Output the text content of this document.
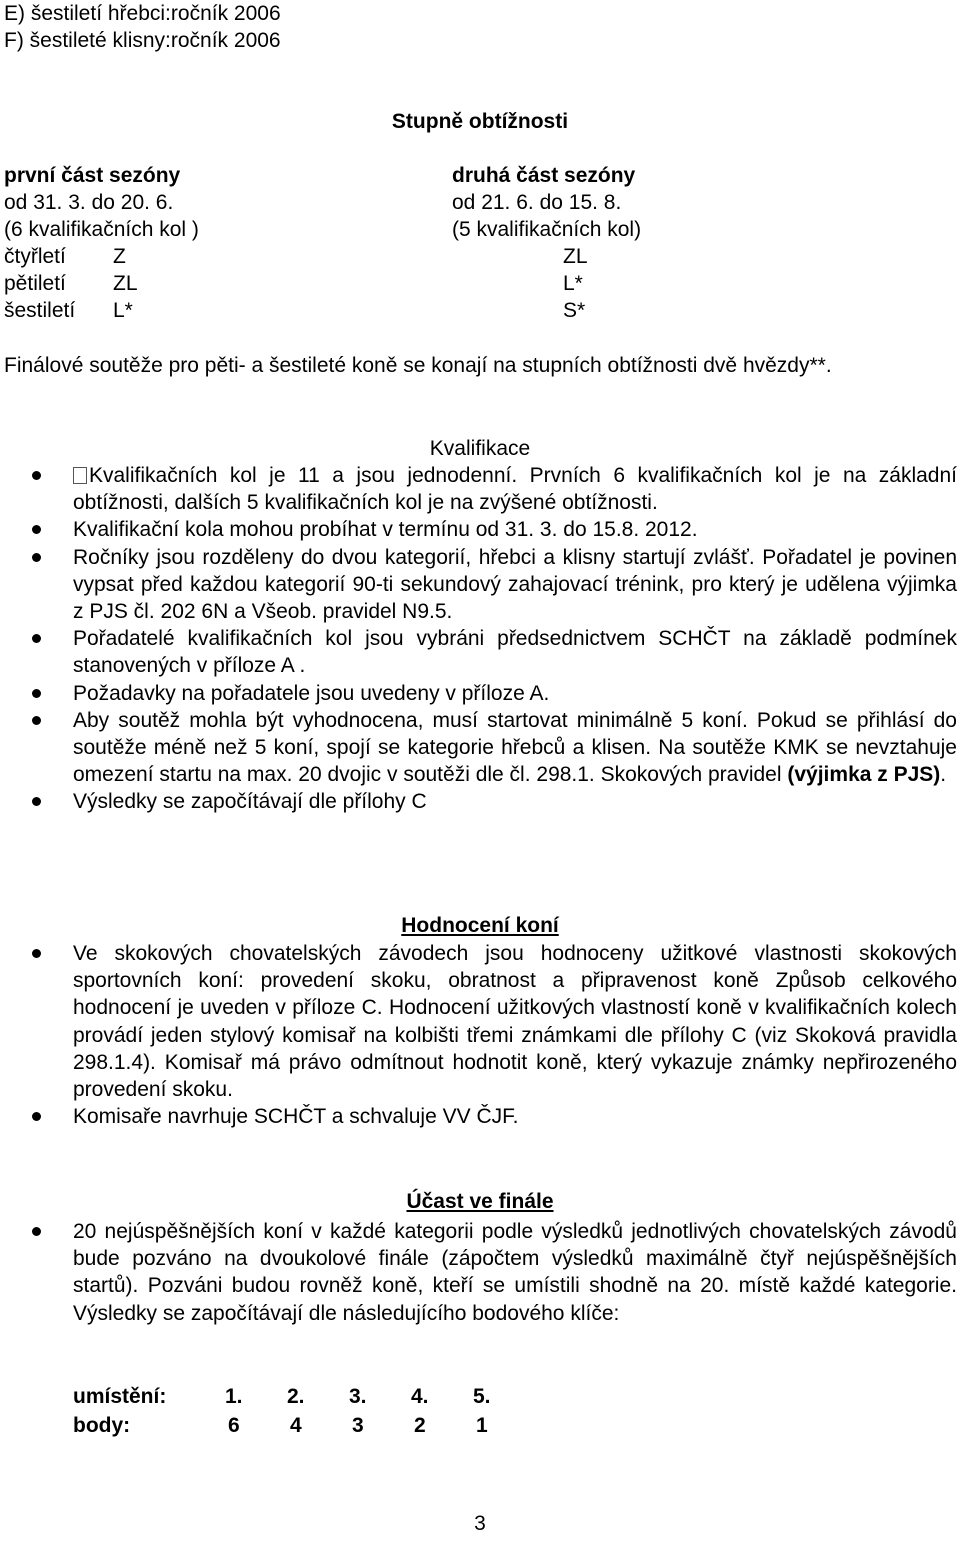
E) šestiletí hřebci:ročník 2006
F) šestileté klisny:ročník 2006
Stupně obtížnosti
první část sezóny	druhá část sezóny
od 31. 3. do 20. 6.	od 21. 6. do 15. 8.
(6 kvalifikačních kol )	(5 kvalifikačních kol)
čtyřletí Z	ZL
pětiletí ZL	L*
šestiletí L*	S*
Finálové soutěže pro pěti- a šestileté koně se konají na stupních obtížnosti dvě hvězdy**.
Kvalifikace
Kvalifikačních kol je 11 a jsou jednodenní. Prvních 6 kvalifikačních kol je na základní obtížnosti, dalších 5 kvalifikačních kol je na zvýšené obtížnosti.
Kvalifikační kola mohou probíhat v termínu od 31. 3. do 15.8. 2012.
Ročníky jsou rozděleny do dvou kategorií, hřebci a klisny startují zvlášť. Pořadatel je povinen vypsat před každou kategorií 90-ti sekundový zahajovací trénink, pro který je udělena výjimka z PJS čl. 202 6N a Všeob. pravidel N9.5.
Pořadatelé kvalifikačních kol jsou vybráni předsednictvem SCHČT na základě podmínek stanovených v příloze A .
Požadavky na pořadatele jsou uvedeny v příloze A.
Aby soutěž mohla být vyhodnocena, musí startovat minimálně 5 koní. Pokud se přihlásí do soutěže méně než 5 koní, spojí se kategorie hřebců a klisen. Na soutěže KMK se nevztahuje omezení startu na max. 20 dvojic v soutěži dle čl. 298.1. Skokových pravidel (výjimka z PJS).
Výsledky se započítávají dle přílohy C
Hodnocení koní
Ve skokových chovatelských závodech jsou hodnoceny užitkové vlastnosti skokových sportovních koní: provedení skoku, obratnost a připravenost koně Způsob celkového hodnocení je uveden v příloze C. Hodnocení užitkových vlastností koně v kvalifikačních kolech provádí jeden stylový komisař na kolbišti třemi známkami dle přílohy C (viz Skoková pravidla 298.1.4). Komisař má právo odmítnout hodnotit koně, který vykazuje známky nepřirozeného provedení skoku.
Komisaře navrhuje SCHČT a schvaluje VV ČJF.
Účast ve finále
20 nejúspěšnějších koní v každé kategorii podle výsledků jednotlivých chovatelských závodů bude pozváno na dvoukolové finále (zápočtem výsledků maximálně čtyř nejúspěšnějších startů). Pozváni budou rovněž koně, kteří se umístili shodně na 20. místě každé kategorie. Výsledky se započítávají dle následujícího bodového klíče:
umístění:	1.	2.	3.	4.	5.
body:	6	4	3	2	1
3
